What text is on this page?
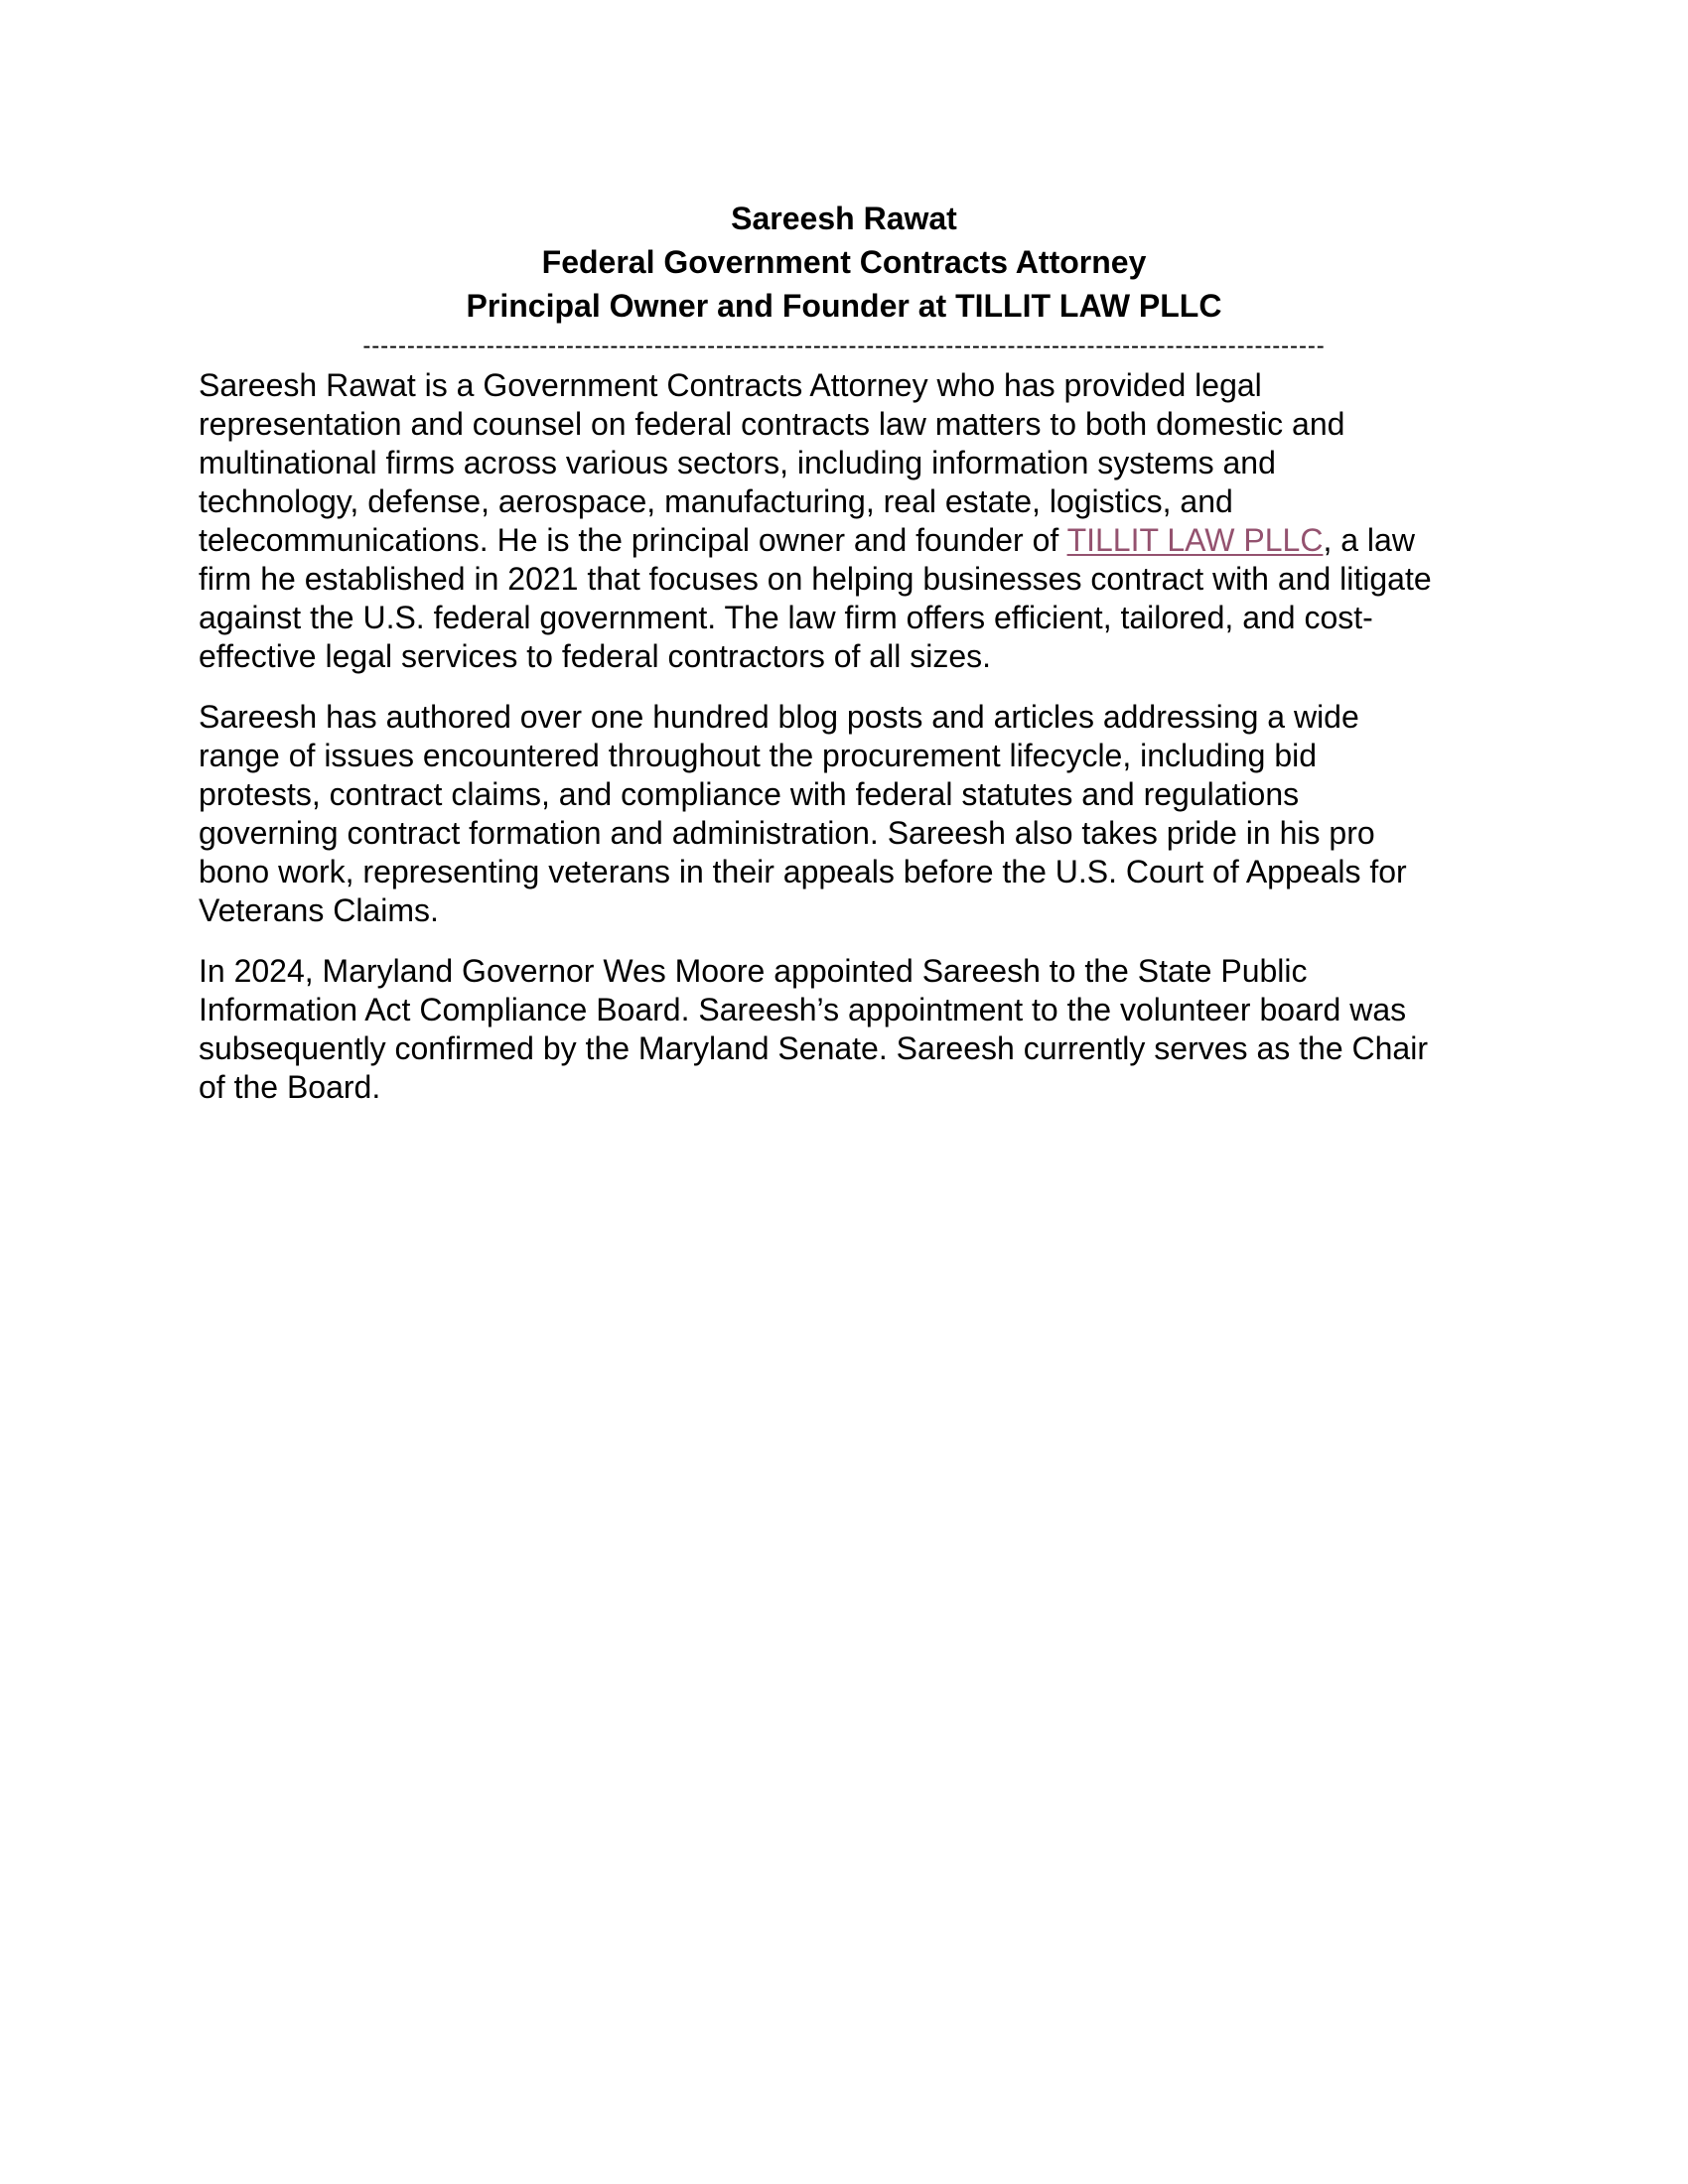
Sareesh Rawat
Federal Government Contracts Attorney
Principal Owner and Founder at TILLIT LAW PLLC
-------------------------------------------------------------------------------------------------------------
Sareesh Rawat is a Government Contracts Attorney who has provided legal
representation and counsel on federal contracts law matters to both domestic and
multinational firms across various sectors, including information systems and
technology, defense, aerospace, manufacturing, real estate, logistics, and
telecommunications. He is the principal owner and founder of TILLIT LAW PLLC, a law
firm he established in 2021 that focuses on helping businesses contract with and litigate
against the U.S. federal government. The law firm offers efficient, tailored, and cost-
effective legal services to federal contractors of all sizes.
Sareesh has authored over one hundred blog posts and articles addressing a wide
range of issues encountered throughout the procurement lifecycle, including bid
protests, contract claims, and compliance with federal statutes and regulations
governing contract formation and administration. Sareesh also takes pride in his pro
bono work, representing veterans in their appeals before the U.S. Court of Appeals for
Veterans Claims.
In 2024, Maryland Governor Wes Moore appointed Sareesh to the State Public
Information Act Compliance Board. Sareesh’s appointment to the volunteer board was
subsequently confirmed by the Maryland Senate. Sareesh currently serves as the Chair
of the Board.
